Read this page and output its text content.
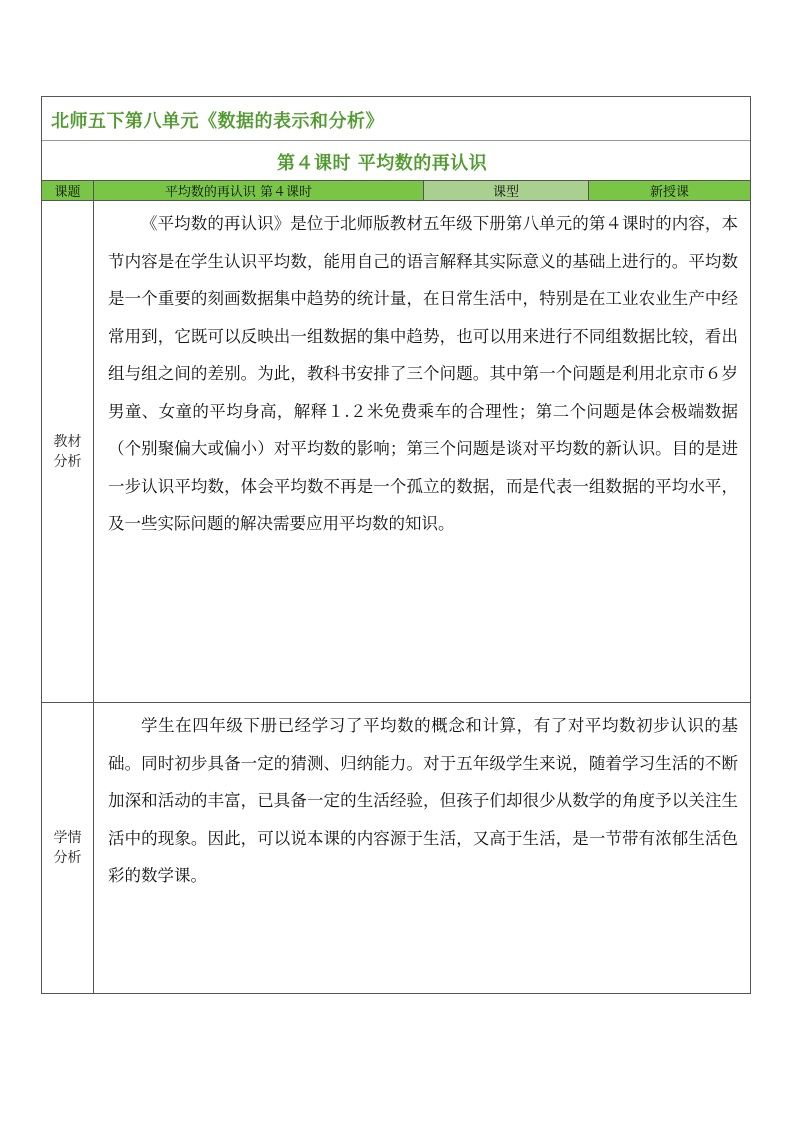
北师五下第八单元《数据的表示和分析》
第４课时 平均数的再认识
课题	平均数的再认识 第４课时	课型	新授课
教材分析
《平均数的再认识》是位于北师版教材五年级下册第八单元的第４课时的内容，本节内容是在学生认识平均数，能用自己的语言解释其实际意义的基础上进行的。平均数是一个重要的刻画数据集中趋势的统计量，在日常生活中，特别是在工业农业生产中经常用到，它既可以反映出一组数据的集中趋势，也可以用来进行不同组数据比较，看出组与组之间的差别。为此，教科书安排了三个问题。其中第一个问题是利用北京市６岁男童、女童的平均身高，解释１.２米免费乘车的合理性；第二个问题是体会极端数据（个别聚偏大或偏小）对平均数的影响；第三个问题是谈对平均数的新认识。目的是进一步认识平均数，体会平均数不再是一个孤立的数据，而是代表一组数据的平均水平，及一些实际问题的解决需要应用平均数的知识。
学情分析
学生在四年级下册已经学习了平均数的概念和计算，有了对平均数初步认识的基础。同时初步具备一定的猜测、归纳能力。对于五年级学生来说，随着学习生活的不断加深和活动的丰富，已具备一定的生活经验，但孩子们却很少从数学的角度予以关注生活中的现象。因此，可以说本课的内容源于生活，又高于生活，是一节带有浓郁生活色彩的数学课。
